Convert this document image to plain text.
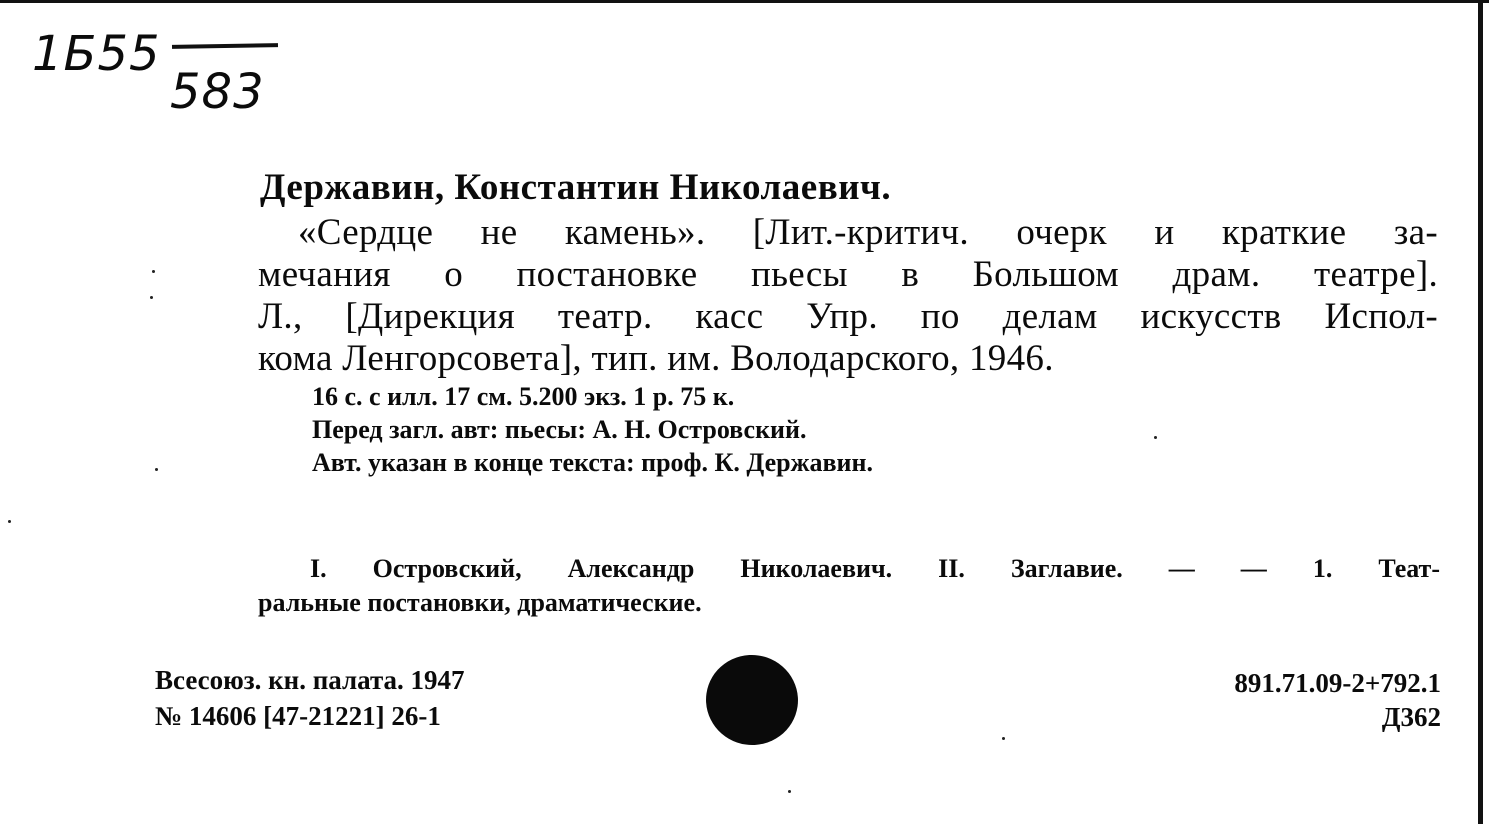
1Б55
583
Державин, Константин Николаевич.
«Сердце не камень». [Лит.-критич. очерк и краткие за-
мечания о постановке пьесы в Большом драм. театре].
Л., [Дирекция театр. касс Упр. по делам искусств Испол-
кома Ленгорсовета], тип. им. Володарского, 1946.
16 с. с илл. 17 см. 5.200 экз. 1 р. 75 к.
Перед загл. авт: пьесы: А. Н. Островский.
Авт. указан в конце текста: проф. К. Державин.
I. Островский, Александр Николаевич. II. Заглавие. — — 1. Теат-
ральные постановки, драматические.
Всесоюз. кн. палата. 1947
№ 14606 [47-21221] 26-1
891.71.09-2+792.1
Д362
